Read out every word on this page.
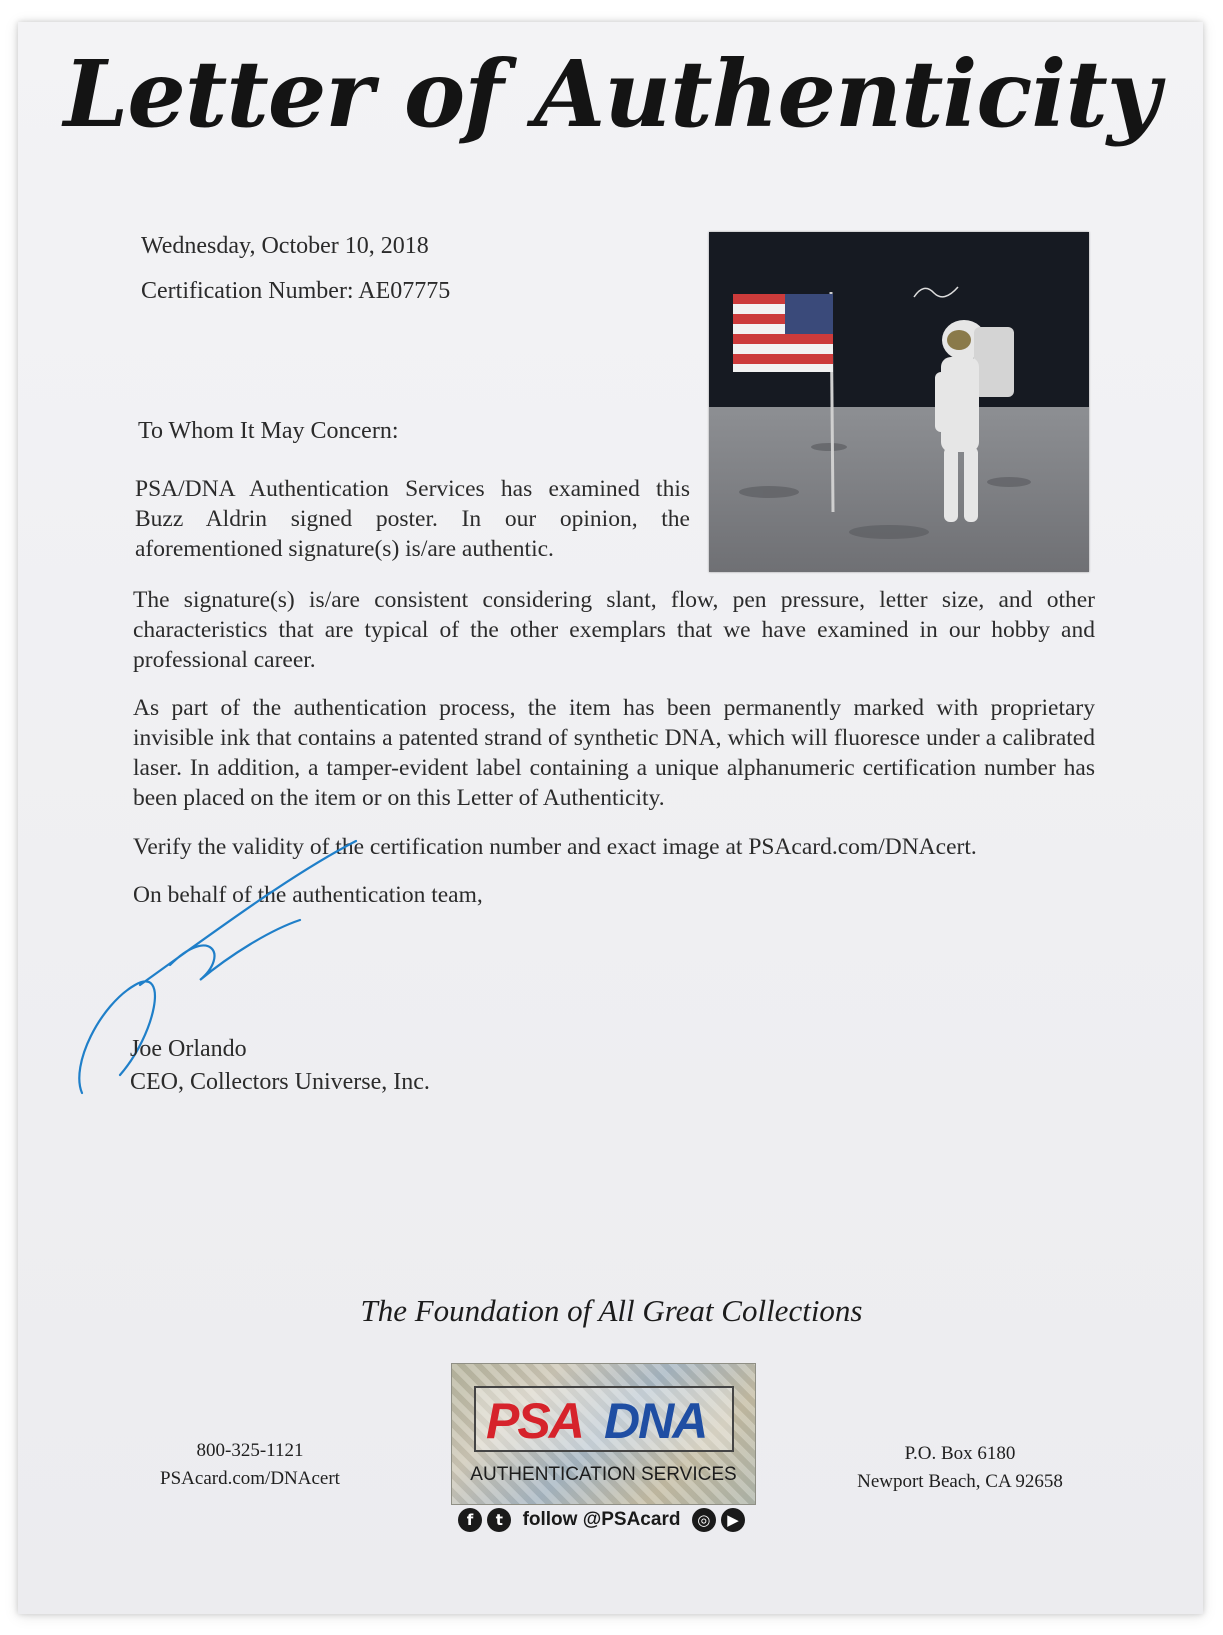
Letter of Authenticity
Wednesday, October 10, 2018
Certification Number: AE07775
To Whom It May Concern:
PSA/DNA Authentication Services has examined this Buzz Aldrin signed poster. In our opinion, the aforementioned signature(s) is/are authentic.
The signature(s) is/are consistent considering slant, flow, pen pressure, letter size, and other characteristics that are typical of the other exemplars that we have examined in our hobby and professional career.
As part of the authentication process, the item has been permanently marked with proprietary invisible ink that contains a patented strand of synthetic DNA, which will fluoresce under a calibrated laser. In addition, a tamper-evident label containing a unique alphanumeric certification number has been placed on the item or on this Letter of Authenticity.
Verify the validity of the certification number and exact image at PSAcard.com/DNAcert.
On behalf of the authentication team,
Joe Orlando
CEO, Collectors Universe, Inc.
The Foundation of All Great Collections
800-325-1121
PSAcard.com/DNAcert
PSA DNA
AUTHENTICATION SERVICES
f t follow @PSAcard ◎ ▶
P.O. Box 6180
Newport Beach, CA 92658
